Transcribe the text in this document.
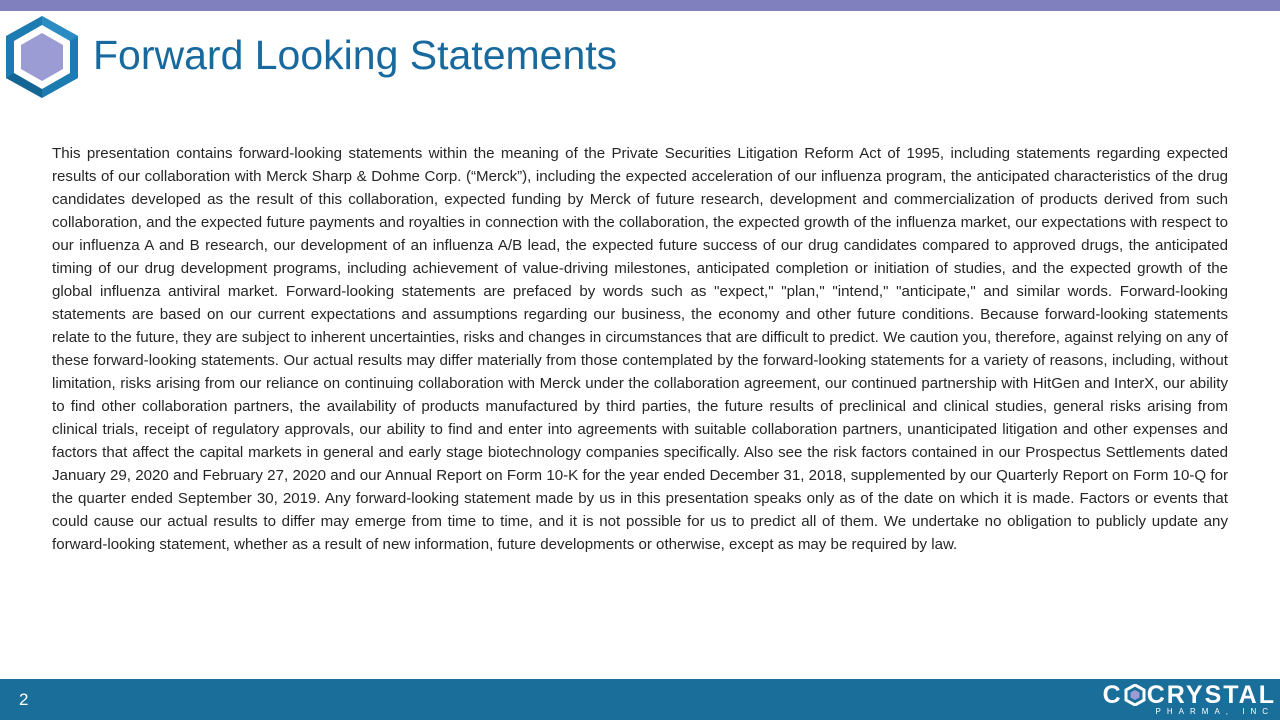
Forward Looking Statements

This presentation contains forward-looking statements within the meaning of the Private Securities Litigation Reform Act of 1995, including statements regarding expected results of our collaboration with Merck Sharp & Dohme Corp. (“Merck”), including the expected acceleration of our influenza program, the anticipated characteristics of the drug candidates developed as the result of this collaboration, expected funding by Merck of future research, development and commercialization of products derived from such collaboration, and the expected future payments and royalties in connection with the collaboration, the expected growth of the influenza market, our expectations with respect to our influenza A and B research, our development of an influenza A/B lead, the expected future success of our drug candidates compared to approved drugs, the anticipated timing of our drug development programs, including achievement of value-driving milestones, anticipated completion or initiation of studies, and the expected growth of the global influenza antiviral market. Forward-looking statements are prefaced by words such as "expect," "plan," "intend," "anticipate," and similar words. Forward-looking statements are based on our current expectations and assumptions regarding our business, the economy and other future conditions. Because forward-looking statements relate to the future, they are subject to inherent uncertainties, risks and changes in circumstances that are difficult to predict. We caution you, therefore, against relying on any of these forward-looking statements. Our actual results may differ materially from those contemplated by the forward-looking statements for a variety of reasons, including, without limitation, risks arising from our reliance on continuing collaboration with Merck under the collaboration agreement, our continued partnership with HitGen and InterX, our ability to find other collaboration partners, the availability of products manufactured by third parties, the future results of preclinical and clinical studies, general risks arising from clinical trials, receipt of regulatory approvals, our ability to find and enter into agreements with suitable collaboration partners, unanticipated litigation and other expenses and factors that affect the capital markets in general and early stage biotechnology companies specifically. Also see the risk factors contained in our Prospectus Settlements dated January 29, 2020 and February 27, 2020 and our Annual Report on Form 10-K for the year ended December 31, 2018, supplemented by our Quarterly Report on Form 10-Q for the quarter ended September 30, 2019. Any forward-looking statement made by us in this presentation speaks only as of the date on which it is made. Factors or events that could cause our actual results to differ may emerge from time to time, and it is not possible for us to predict all of them. We undertake no obligation to publicly update any forward-looking statement, whether as a result of new information, future developments or otherwise, except as may be required by law.

2	C CRYSTAL
PHARMA, INC
